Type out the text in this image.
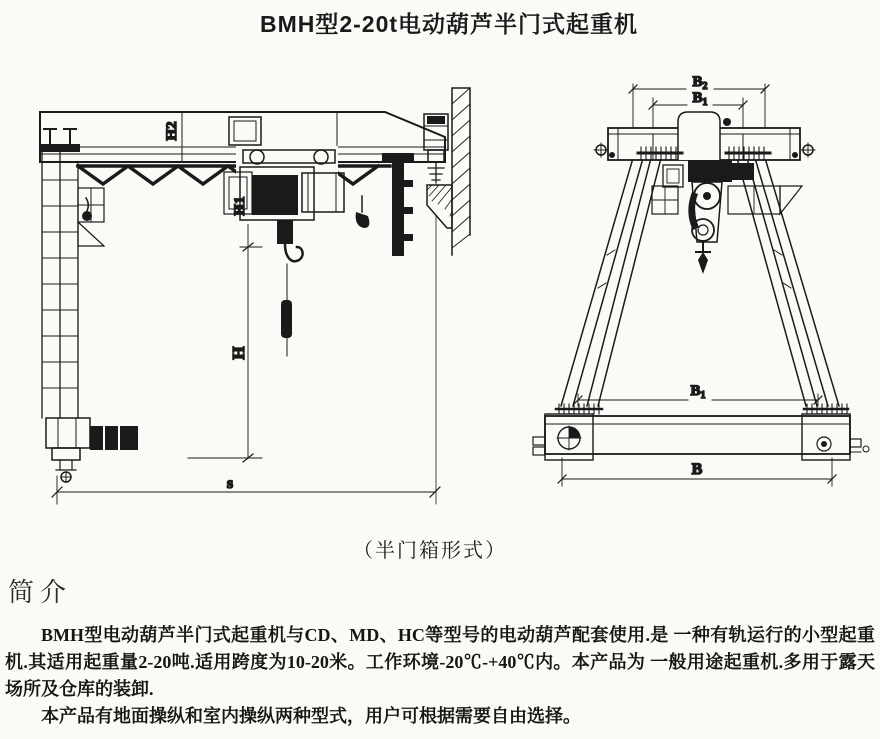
BMH型2-20t电动葫芦半门式起重机
H2
H1
H
s
$B_2$
$B_1$
$B_1$
B
（半门箱形式）
简介

BMH型电动葫芦半门式起重机与CD、MD、HC等型号的电动葫芦配套使用.是 一种有轨运行的小型起重机.其适用起重量2-20吨.适用跨度为10-20米。工作环境-20℃-+40℃内。本产品为 一般用途起重机.多用于露天场所及仓库的装卸.

本产品有地面操纵和室内操纵两种型式，用户可根据需要自由选择。
